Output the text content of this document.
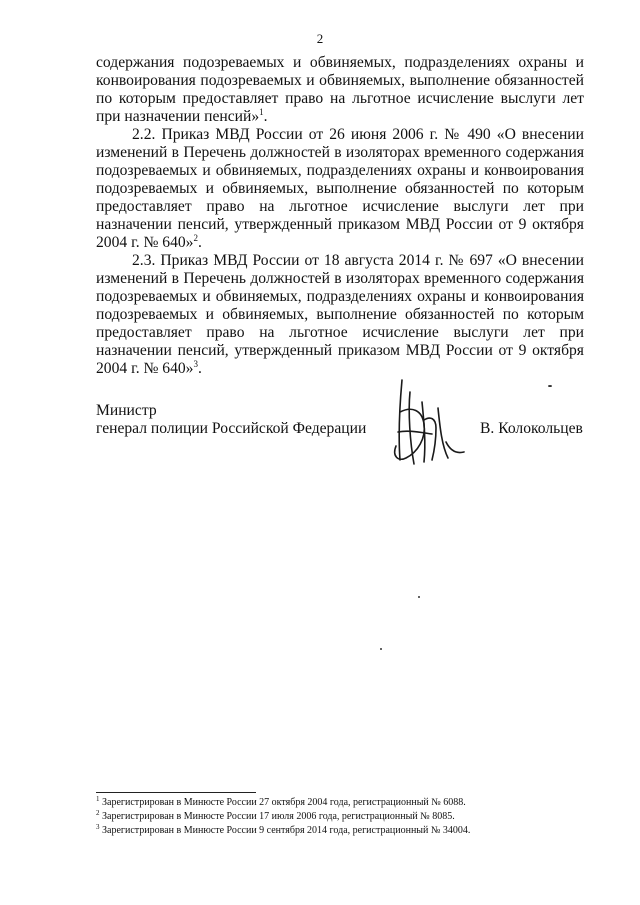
2

содержания подозреваемых и обвиняемых, подразделениях охраны и конвоирования подозреваемых и обвиняемых, выполнение обязанностей по которым предоставляет право на льготное исчисление выслуги лет при назначении пенсий»$^1$.

2.2. Приказ МВД России от 26 июня 2006 г. № 490 «О внесении изменений в Перечень должностей в изоляторах временного содержания подозреваемых и обвиняемых, подразделениях охраны и конвоирования подозреваемых и обвиняемых, выполнение обязанностей по которым предоставляет право на льготное исчисление выслуги лет при назначении пенсий, утвержденный приказом МВД России от 9 октября 2004 г. № 640»$^2$.

2.3. Приказ МВД России от 18 августа 2014 г. № 697 «О внесении изменений в Перечень должностей в изоляторах временного содержания подозреваемых и обвиняемых, подразделениях охраны и конвоирования подозреваемых и обвиняемых, выполнение обязанностей по которым предоставляет право на льготное исчисление выслуги лет при назначении пенсий, утвержденный приказом МВД России от 9 октября 2004 г. № 640»$^3$.

Министр
генерал полиции Российской Федерации	В. Колокольцев
$^1$ Зарегистрирован в Минюсте России 27 октября 2004 года, регистрационный № 6088.
$^2$ Зарегистрирован в Минюсте России 17 июля 2006 года, регистрационный № 8085.
$^3$ Зарегистрирован в Минюсте России 9 сентября 2014 года, регистрационный № 34004.
